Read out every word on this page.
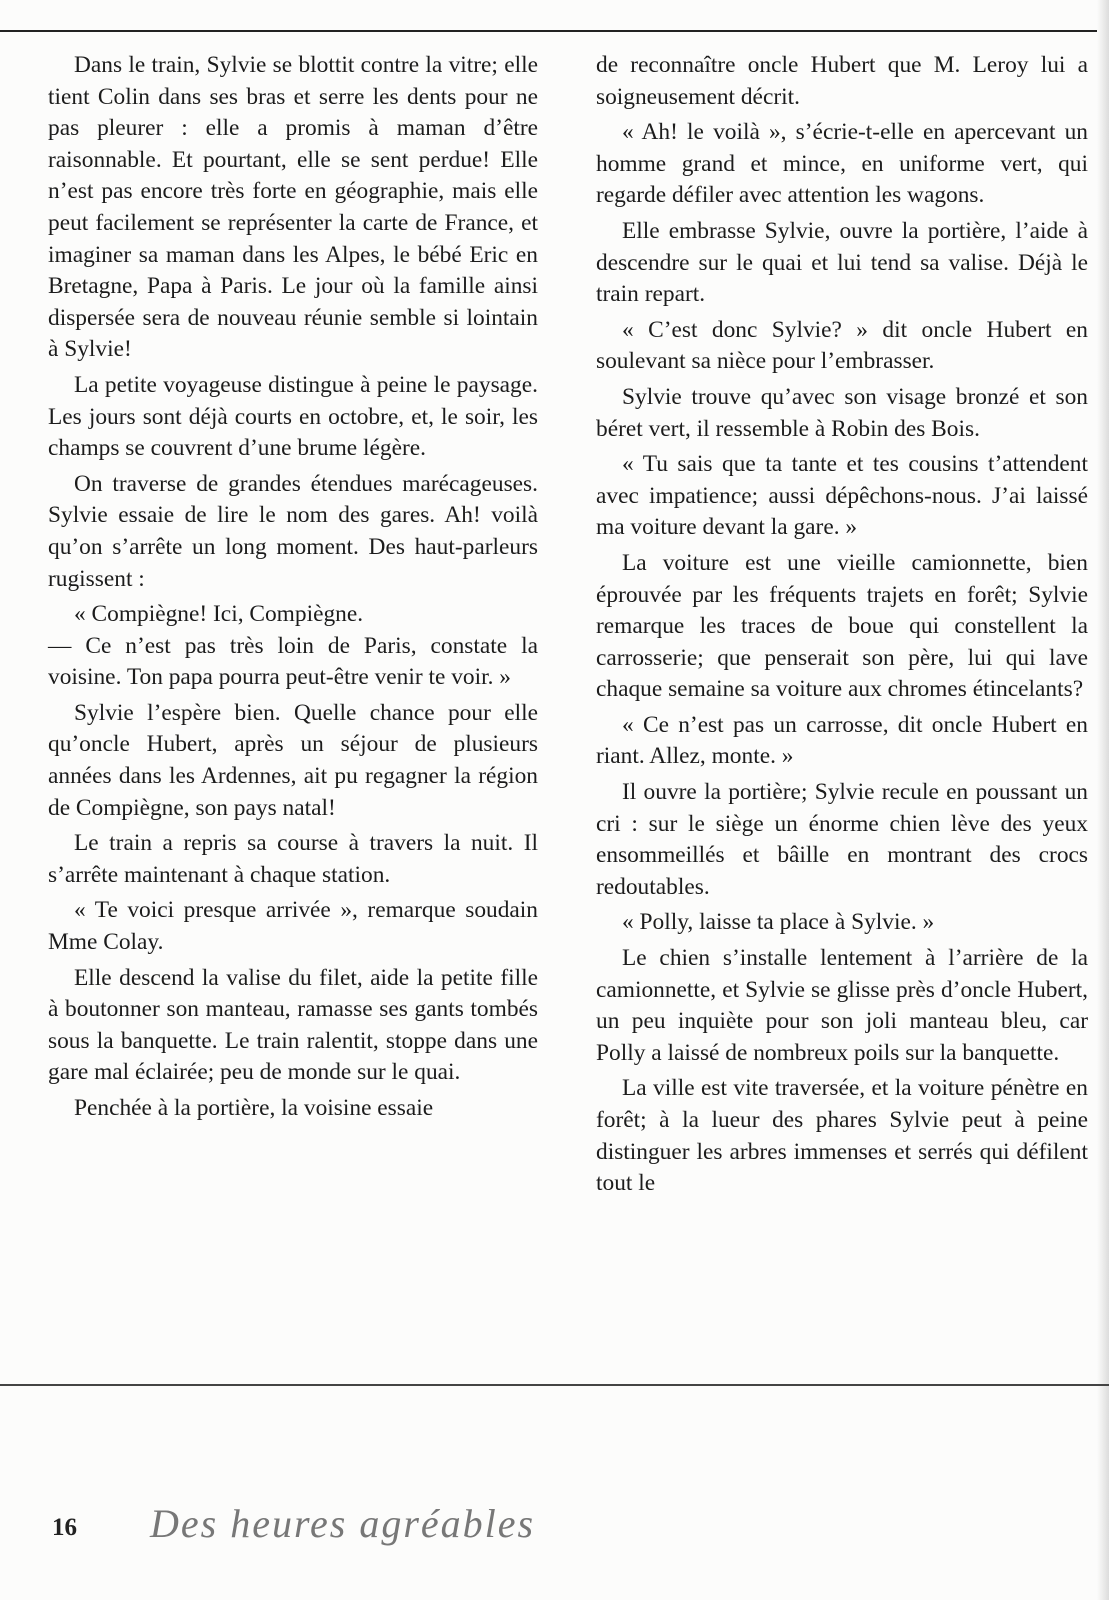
Dans le train, Sylvie se blottit contre la vitre; elle tient Colin dans ses bras et serre les dents pour ne pas pleurer : elle a promis à maman d’être raisonnable. Et pourtant, elle se sent perdue! Elle n’est pas encore très forte en géographie, mais elle peut facilement se représenter la carte de France, et imaginer sa maman dans les Alpes, le bébé Eric en Bretagne, Papa à Paris. Le jour où la famille ainsi dispersée sera de nouveau réunie semble si lointain à Sylvie!

La petite voyageuse distingue à peine le paysage. Les jours sont déjà courts en octobre, et, le soir, les champs se couvrent d’une brume légère.

On traverse de grandes étendues marécageuses. Sylvie essaie de lire le nom des gares. Ah! voilà qu’on s’arrête un long moment. Des haut-parleurs rugissent :

« Compiègne! Ici, Compiègne.

— Ce n’est pas très loin de Paris, constate la voisine. Ton papa pourra peut-être venir te voir. »

Sylvie l’espère bien. Quelle chance pour elle qu’oncle Hubert, après un séjour de plusieurs années dans les Ardennes, ait pu regagner la région de Compiègne, son pays natal!

Le train a repris sa course à travers la nuit. Il s’arrête maintenant à chaque station.

« Te voici presque arrivée », remarque soudain Mme Colay.

Elle descend la valise du filet, aide la petite fille à boutonner son manteau, ramasse ses gants tombés sous la banquette. Le train ralentit, stoppe dans une gare mal éclairée; peu de monde sur le quai.

Penchée à la portière, la voisine essaie

de reconnaître oncle Hubert que M. Leroy lui a soigneusement décrit.

« Ah! le voilà », s’écrie-t-elle en apercevant un homme grand et mince, en uniforme vert, qui regarde défiler avec attention les wagons.

Elle embrasse Sylvie, ouvre la portière, l’aide à descendre sur le quai et lui tend sa valise. Déjà le train repart.

« C’est donc Sylvie? » dit oncle Hubert en soulevant sa nièce pour l’embrasser.

Sylvie trouve qu’avec son visage bronzé et son béret vert, il ressemble à Robin des Bois.

« Tu sais que ta tante et tes cousins t’attendent avec impatience; aussi dépêchons-nous. J’ai laissé ma voiture devant la gare. »

La voiture est une vieille camionnette, bien éprouvée par les fréquents trajets en forêt; Sylvie remarque les traces de boue qui constellent la carrosserie; que penserait son père, lui qui lave chaque semaine sa voiture aux chromes étincelants?

« Ce n’est pas un carrosse, dit oncle Hubert en riant. Allez, monte. »

Il ouvre la portière; Sylvie recule en poussant un cri : sur le siège un énorme chien lève des yeux ensommeillés et bâille en montrant des crocs redoutables.

« Polly, laisse ta place à Sylvie. »

Le chien s’installe lentement à l’arrière de la camionnette, et Sylvie se glisse près d’oncle Hubert, un peu inquiète pour son joli manteau bleu, car Polly a laissé de nombreux poils sur la banquette.

La ville est vite traversée, et la voiture pénètre en forêt; à la lueur des phares Sylvie peut à peine distinguer les arbres immenses et serrés qui défilent tout le

16 Des heures agréables
